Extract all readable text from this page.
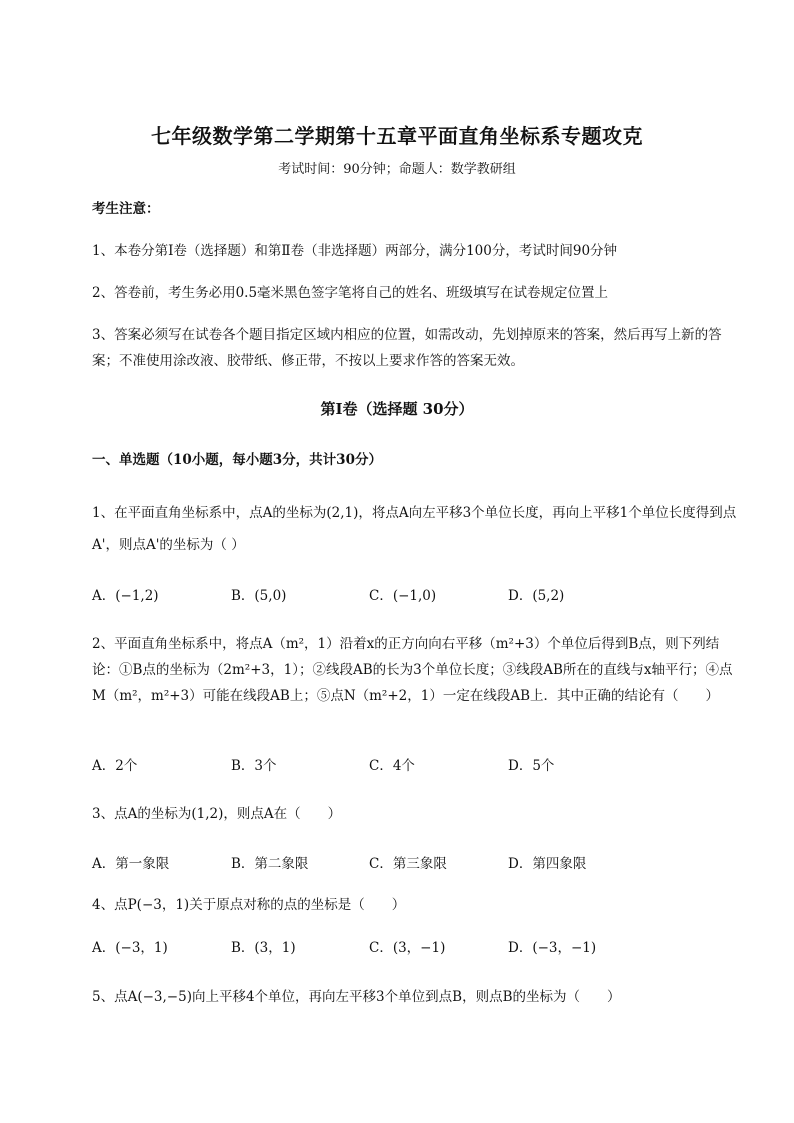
七年级数学第二学期第十五章平面直角坐标系专题攻克
考试时间：90分钟；命题人：数学教研组
考生注意：
1、本卷分第I卷（选择题）和第Ⅱ卷（非选择题）两部分，满分100分，考试时间90分钟
2、答卷前，考生务必用0.5毫米黑色签字笔将自己的姓名、班级填写在试卷规定位置上
3、答案必须写在试卷各个题目指定区域内相应的位置，如需改动，先划掉原来的答案，然后再写上新的答案；不准使用涂改液、胶带纸、修正带，不按以上要求作答的答案无效。
第I卷（选择题 30分）
一、单选题（10小题，每小题3分，共计30分）
1、在平面直角坐标系中，点A的坐标为(2,1)，将点A向左平移3个单位长度，再向上平移1个单位长度得到点A'，则点A'的坐标为（ ）
A．(−1,2)	B．(5,0)	C．(−1,0)	D．(5,2)
2、平面直角坐标系中，将点A（m²，1）沿着x的正方向向右平移（m²+3）个单位后得到B点，则下列结论：①B点的坐标为（2m²+3，1）；②线段AB的长为3个单位长度；③线段AB所在的直线与x轴平行；④点M（m²，m²+3）可能在线段AB上；⑤点N（m²+2，1）一定在线段AB上．其中正确的结论有（　　）
A．2个	B．3个	C．4个	D．5个
3、点A的坐标为(1,2)，则点A在（　　）
A．第一象限	B．第二象限	C．第三象限	D．第四象限
4、点P(−3，1)关于原点对称的点的坐标是（　　）
A．(−3，1)	B．(3，1)	C．(3，−1)	D．(−3，−1)
5、点A(−3,−5)向上平移4个单位，再向左平移3个单位到点B，则点B的坐标为（　　）
